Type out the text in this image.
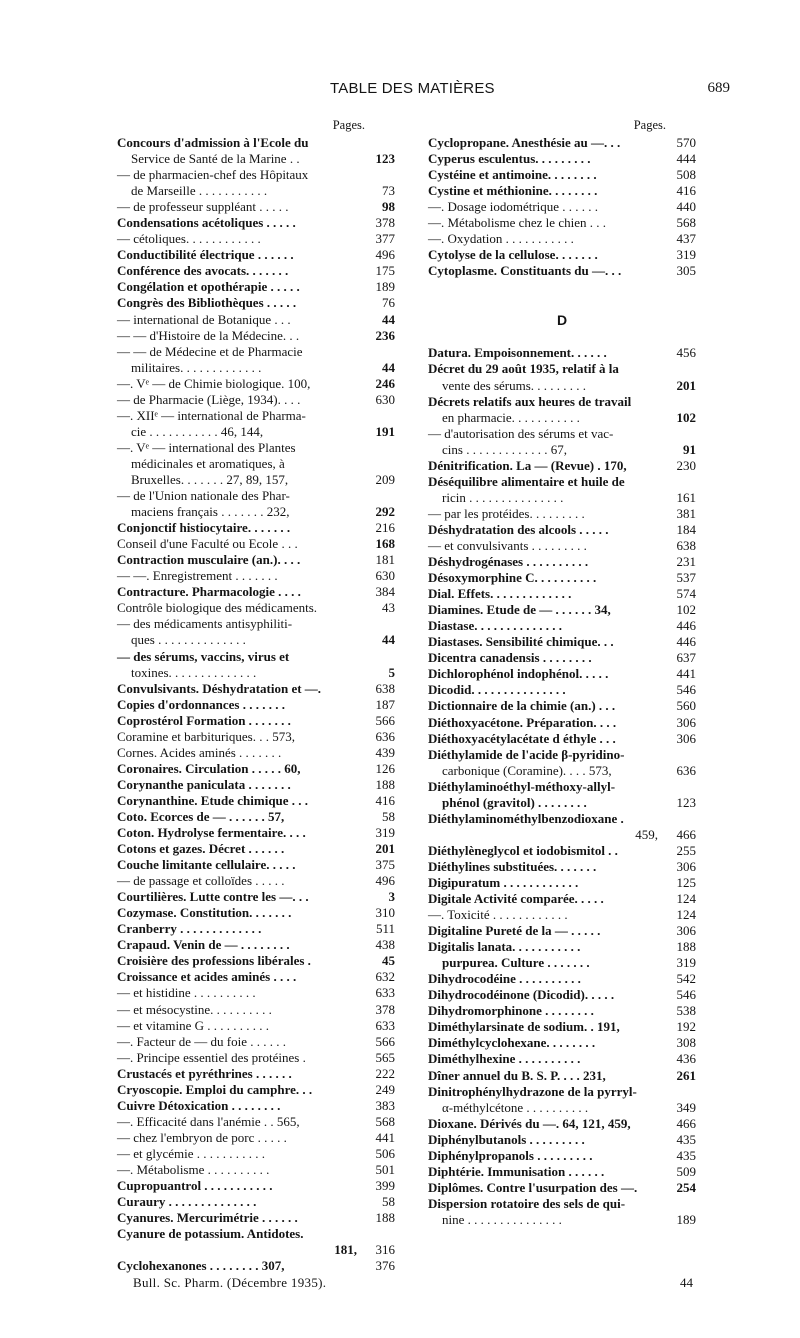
TABLE DES MATIÈRES	689
Pages.
Concours d'admission à l'Ecole du
Service de Santé de la Marine . .	123
— de pharmacien-chef des Hôpitaux
de Marseille . . . . . . . . . . .	73
— de professeur suppléant . . . . .	98
Condensations acétoliques . . . . .	378
— cétoliques. . . . . . . . . . . .	377
Conductibilité électrique . . . . . .	496
Conférence des avocats. . . . . . .	175
Congélation et opothérapie . . . . .	189
Congrès des Bibliothèques . . . . .	76
— international de Botanique . . .	44
— — d'Histoire de la Médecine. . .	236
— — de Médecine et de Pharmacie
militaires. . . . . . . . . . . . .	44
—. Vᵉ — de Chimie biologique. 100,	246
— de Pharmacie (Liège, 1934). . . .	630
—. XIIᵉ — international de Pharma-
cie . . . . . . . . . . . 46, 144,	191
—. Vᵉ — international des Plantes
médicinales et aromatiques, à
Bruxelles. . . . . . . 27, 89, 157,	209
— de l'Union nationale des Phar-
maciens français . . . . . . . 232,	292
Conjonctif histiocytaire. . . . . . .	216
Conseil d'une Faculté ou Ecole . . .	168
Contraction musculaire (an.). . . .	181
— —. Enregistrement . . . . . . .	630
Contracture. Pharmacologie . . . .	384
Contrôle biologique des médicaments.	43
— des médicaments antisyphiliti-
ques . . . . . . . . . . . . . .	44
— des sérums, vaccins, virus et
toxines. . . . . . . . . . . . . .	5
Convulsivants. Déshydratation et —.	638
Copies d'ordonnances . . . . . . .	187
Coprostérol Formation . . . . . . .	566
Coramine et barbituriques. . . 573,	636
Cornes. Acides aminés . . . . . . .	439
Coronaires. Circulation . . . . . 60,	126
Corynanthe paniculata . . . . . . .	188
Corynanthine. Etude chimique . . .	416
Coto. Ecorces de — . . . . . . 57,	58
Coton. Hydrolyse fermentaire. . . .	319
Cotons et gazes. Décret . . . . . .	201
Couche limitante cellulaire. . . . .	375
— de passage et colloïdes . . . . .	496
Courtilières. Lutte contre les —. . .	3
Cozymase. Constitution. . . . . . .	310
Cranberry . . . . . . . . . . . . .	511
Crapaud. Venin de — . . . . . . . .	438
Croisière des professions libérales .	45
Croissance et acides aminés . . . .	632
— et histidine . . . . . . . . . .	633
— et mésocystine. . . . . . . . . .	378
— et vitamine G . . . . . . . . . .	633
—. Facteur de — du foie . . . . . .	566
—. Principe essentiel des protéines .	565
Crustacés et pyréthrines . . . . . .	222
Cryoscopie. Emploi du camphre. . .	249
Cuivre Détoxication . . . . . . . .	383
—. Efficacité dans l'anémie . . 565,	568
— chez l'embryon de porc . . . . .	441
— et glycémie . . . . . . . . . . .	506
—. Métabolisme . . . . . . . . . .	501
Cupropuantrol . . . . . . . . . . .	399
Curaury . . . . . . . . . . . . . .	58
Cyanures. Mercurimétrie . . . . . .	188
Cyanure de potassium. Antidotes.
181, 316
Cyclohexanones . . . . . . . . 307,	376
Pages.
Cyclopropane. Anesthésie au —. . .	570
Cyperus esculentus. . . . . . . . .	444
Cystéine et antimoine. . . . . . . .	508
Cystine et méthionine. . . . . . . .	416
—. Dosage iodométrique . . . . . .	440
—. Métabolisme chez le chien . . .	568
—. Oxydation . . . . . . . . . . .	437
Cytolyse de la cellulose. . . . . . .	319
Cytoplasme. Constituants du —. . .	305
D
Datura. Empoisonnement. . . . . .	456
Décret du 29 août 1935, relatif à la
vente des sérums. . . . . . . . .	201
Décrets relatifs aux heures de travail
en pharmacie. . . . . . . . . . .	102
— d'autorisation des sérums et vac-
cins . . . . . . . . . . . . . 67,	91
Dénitrification. La — (Revue) . 170,	230
Déséquilibre alimentaire et huile de
ricin . . . . . . . . . . . . . . .	161
— par les protéides. . . . . . . . .	381
Déshydratation des alcools . . . . .	184
— et convulsivants . . . . . . . . .	638
Déshydrogénases . . . . . . . . . .	231
Désoxymorphine C. . . . . . . . . .	537
Dial. Effets. . . . . . . . . . . . .	574
Diamines. Etude de — . . . . . . 34,	102
Diastase. . . . . . . . . . . . . .	446
Diastases. Sensibilité chimique. . .	446
Dicentra canadensis . . . . . . . .	637
Dichlorophénol indophénol. . . . .	441
Dicodid. . . . . . . . . . . . . . .	546
Dictionnaire de la chimie (an.) . . .	560
Diéthoxyacétone. Préparation. . . .	306
Diéthoxyacétylacétate d éthyle . . .	306
Diéthylamide de l'acide β-pyridino-
carbonique (Coramine). . . . 573,	636
Diéthylaminoéthyl-méthoxy-allyl-
phénol (gravitol) . . . . . . . .	123
Diéthylaminométhylbenzodioxane .
459, 466
Diéthylèneglycol et iodobismitol . .	255
Diéthylines substituées. . . . . . .	306
Digipuratum . . . . . . . . . . . .	125
Digitale Activité comparée. . . . .	124
—. Toxicité . . . . . . . . . . . .	124
Digitaline Pureté de la — . . . . .	306
Digitalis lanata. . . . . . . . . . .	188
purpurea. Culture . . . . . . .	319
Dihydrocodéine . . . . . . . . . .	542
Dihydrocodéinone (Dicodid). . . . .	546
Dihydromorphinone . . . . . . . .	538
Diméthylarsinate de sodium. . 191,	192
Diméthylcyclohexane. . . . . . . .	308
Diméthylhexine . . . . . . . . . .	436
Dîner annuel du B. S. P. . . . 231,	261
Dinitrophénylhydrazone de la pyrryl-
α-méthylcétone . . . . . . . . . .	349
Dioxane. Dérivés du —. 64, 121, 459,	466
Diphénylbutanols . . . . . . . . .	435
Diphénylpropanols . . . . . . . . .	435
Diphtérie. Immunisation . . . . . .	509
Diplômes. Contre l'usurpation des —.	254
Dispersion rotatoire des sels de qui-
nine . . . . . . . . . . . . . . .	189
Bull. Sc. Pharm. (Décembre 1935).	44
